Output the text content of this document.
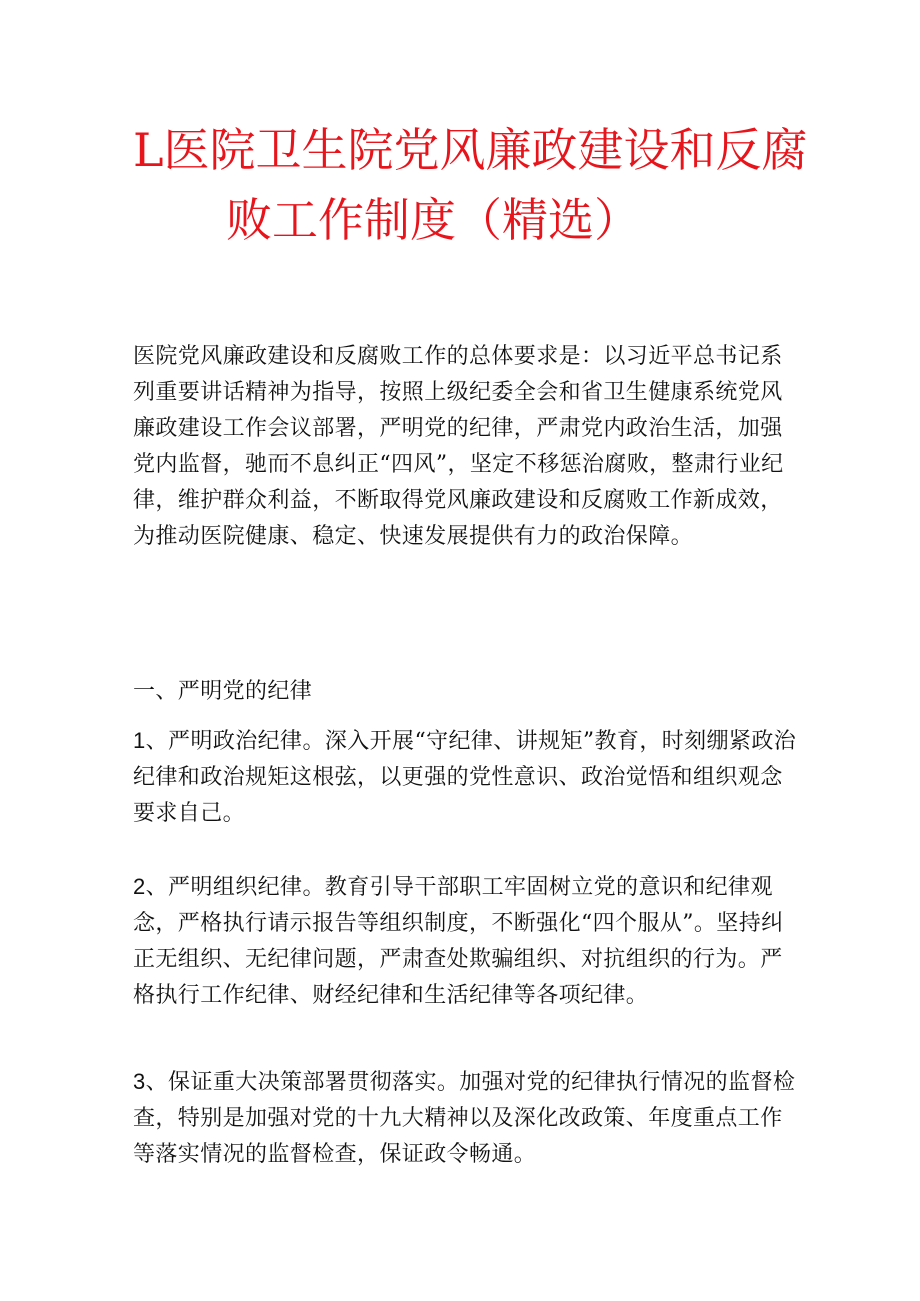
L医院卫生院党风廉政建设和反腐
败工作制度（精选）

医院党风廉政建设和反腐败工作的总体要求是：以习近平总书记系列重要讲话精神为指导，按照上级纪委全会和省卫生健康系统党风廉政建设工作会议部署，严明党的纪律，严肃党内政治生活，加强党内监督，驰而不息纠正“四风”，坚定不移惩治腐败，整肃行业纪律，维护群众利益，不断取得党风廉政建设和反腐败工作新成效，为推动医院健康、稳定、快速发展提供有力的政治保障。

一、严明党的纪律

1、严明政治纪律。深入开展“守纪律、讲规矩”教育，时刻绷紧政治纪律和政治规矩这根弦，以更强的党性意识、政治觉悟和组织观念要求自己。

2、严明组织纪律。教育引导干部职工牢固树立党的意识和纪律观念，严格执行请示报告等组织制度，不断强化“四个服从”。坚持纠正无组织、无纪律问题，严肃查处欺骗组织、对抗组织的行为。严格执行工作纪律、财经纪律和生活纪律等各项纪律。

3、保证重大决策部署贯彻落实。加强对党的纪律执行情况的监督检查，特别是加强对党的十九大精神以及深化改政策、年度重点工作等落实情况的监督检查，保证政令畅通。
